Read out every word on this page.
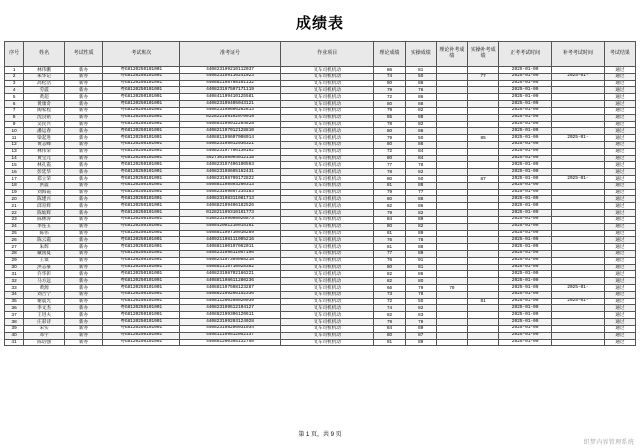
成绩表
序号	姓名	考试性质	考试班次	准考证号	作业项目	理论成绩	实操成绩	理论补考成绩	实操补考成绩	正考考试时间	补考考试时间	考试结果
1	林伟鹏	新办	粤G8120250101001	440823199210112037	叉车司机机动	86	81			2025-01-09		通过
2	朱华记	新办	粤G8120250101001	440823199110241023	叉车司机机动	74	50		77	2025-01-09	2025-01-	通过
3	高松活	新办	粤G8120250101001	440881198708101132	叉车司机机动	80	86			2025-01-09		通过
4	劳震	新办	粤G8120250101001	440823197507171119	叉车司机机动	79	76			2025-01-09		通过
5	黄超	新办	粤G8120250101001	440841199410125581	叉车司机机动	72	86			2025-01-09		通过
6	黄康奇	新办	粤G8120250101001	440823199405043121	叉车司机机动	80	88			2025-01-09		通过
7	陶家程	新办	粤G8120250101001	440823198606282813	叉车司机机动	79	82			2025-01-09		通过
8	沈良铭	新办	粤G8120250101001	022822199102070019	叉车司机机动	85	88			2025-01-09		通过
9	吴民兴	新办	粤G8120250101001	440883199912264828	叉车司机机动	78	82			2025-01-09		通过
10	潘运春	新办	粤G8120250101001	440821197012128810	叉车司机机动	80	86			2025-01-09		通过
11	梁起进	新办	粤G8120250101001	440881199607008014	叉车司机机动	79	50		85	2025-01-09	2025-01-	通过
12	黄志峰	新办	粤G8120250101001	440823199012036321	叉车司机机动	80	86			2025-01-09		通过
13	林伟荣	新办	粤G8120250101001	440823197706130102	叉车司机机动	72	84			2025-01-09		通过
14	黄宝元	新办	粤G8120250101001	452730198904012118	叉车司机机动	80	84			2025-01-09		通过
15	林孔霞	新办	粤G8120250101001	440823197406100563	叉车司机机动	77	78			2025-01-09		通过
16	彭廷华	新办	粤G8120250101001	440823198605162431	叉车司机机动	78	82			2025-01-09		通过
17	郑立荣	新办	粤G8120250101001	440823198709172822	叉车司机机动	80	50		87	2025-01-09	2025-01-	通过
18	洪震	新办	粤G8120250101001	440881198503260313	叉车司机机动	81	88			2025-01-09		通过
19	刘海霞	新办	粤G8120250101001	440823199807235183	叉车司机机动	79	77			2025-01-09		通过
20	陈建兴	新办	粤G8120250101001	440823198311081713	叉车司机机动	80	88			2025-01-09		通过
21	邱育辉	新办	粤G8120250101001	440882199406182526	叉车司机机动	82	86			2025-01-09		通过
22	陈灿辉	新办	粤G8120250101001	012821199310161773	叉车司机机动	79	82			2025-01-09		通过
23	陈林涛	新办	粤G8120250101001	510823199908020873	叉车司机机动	84	89			2025-01-09		通过
24	李连玉	新办	粤G8120250101001	440842001210015161	叉车司机机动	80	82			2025-01-09		通过
25	陈伟	新办	粤G8120250101001	440881199710010289	叉车司机机动	81	89			2025-01-09		通过
26	陈云霞	新办	粤G8120250101001	440921198111005216	叉车司机机动	76	78			2025-01-09		通过
27	朱辉	新办	粤G8120250101001	440881100107062011	叉车司机机动	81	88			2025-01-09		通过
28	戴国夏	新办	粤G8120250101001	440823199811057106	叉车司机机动	77	89			2025-01-09		通过
29	王谟	新办	粤G8120250101001	440824197309088218	叉车司机机动	76	91			2025-01-09		通过
30	洪志豪	新办	粤G8120250101001	440881119710028382	叉车司机机动	80	81			2025-01-09		通过
31	许华彰	新办	粤G8120250101001	440823198702166221	叉车司机机动	82	86			2025-01-09		通过
32	马方远	新办	粤G8120250101001	440881198611280236	叉车司机机动	82	80			2025-01-09		通过
33	黄源	新办	粤G8120250101001	440881197508123287	叉车司机机动	66	79	79		2025-01-09	2025-01-	通过
34	刘吉宁	新办	粤G8120250101001	440882199206152336	叉车司机机动	73	78			2025-01-09		通过
35	谢震光	新办	粤G8120250101001	440811200208020039	叉车司机机动	72	50		81	2025-01-09	2025-01-	通过
36	李文杰	新办	粤G8120250101001	440823199512104127	叉车司机机动	74	82			2025-01-09		通过
37	王进夫	新办	粤G8120250101001	440882199306120611	叉车司机机动	82	83			2025-01-09		通过
38	庄彩诗	新办	粤G8120250101001	440823199203124028	叉车司机机动	79	79			2025-01-09		通过
39	宋实	新办	粤G8120250101001	440823198206031034	叉车司机机动	84	89			2025-01-09		通过
40	邓宇	新办	粤G8120250101001	440811199512052137	叉车司机机动	80	87			2025-01-09		通过
41	陈培强	新办	粤G8120250101001	440881200305132750	叉车司机机动	81	89			2025-01-09		通过
第 1 页，共 9 页
织梦内容管理系统
